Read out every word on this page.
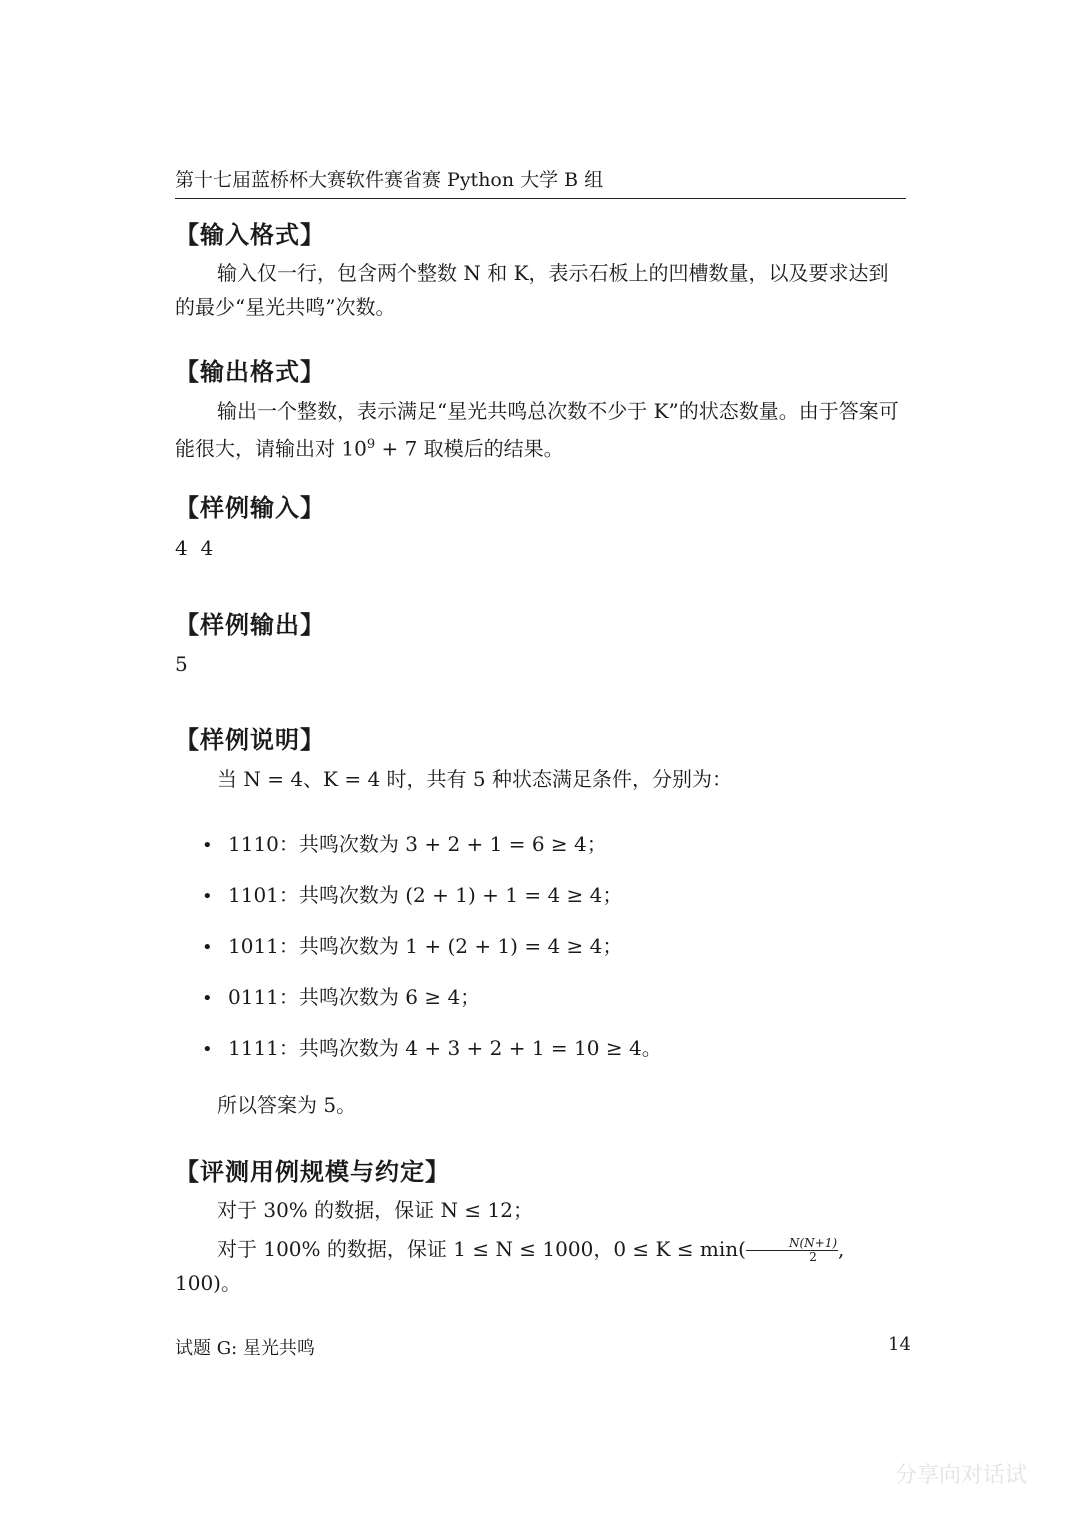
第十七届蓝桥杯大赛软件赛省赛 Python 大学 B 组
【输入格式】
输入仅一行，包含两个整数 N 和 K，表示石板上的凹槽数量，以及要求达到的最少“星光共鸣”次数。
【输出格式】
输出一个整数，表示满足“星光共鸣总次数不少于 K”的状态数量。由于答案可能很大，请输出对 $10^9 + 7$ 取模后的结果。
【样例输入】
4  4
【样例输出】
5
【样例说明】
当 N = 4、K = 4 时，共有 5 种状态满足条件，分别为：
• 1110：共鸣次数为 3 + 2 + 1 = 6 ≥ 4；
• 1101：共鸣次数为 (2 + 1) + 1 = 4 ≥ 4；
• 1011：共鸣次数为 1 + (2 + 1) = 4 ≥ 4；
• 0111：共鸣次数为 6 ≥ 4；
• 1111：共鸣次数为 4 + 3 + 2 + 1 = 10 ≥ 4。
所以答案为 5。
【评测用例规模与约定】
对于 30% 的数据，保证 N ≤ 12；
对于 100% 的数据，保证 1 ≤ N ≤ 1000，$0 \le K \le \min( \frac{N(N+1)}{2}$ , 100)。
试题 G: 星光共鸣	14
分享向对话试
